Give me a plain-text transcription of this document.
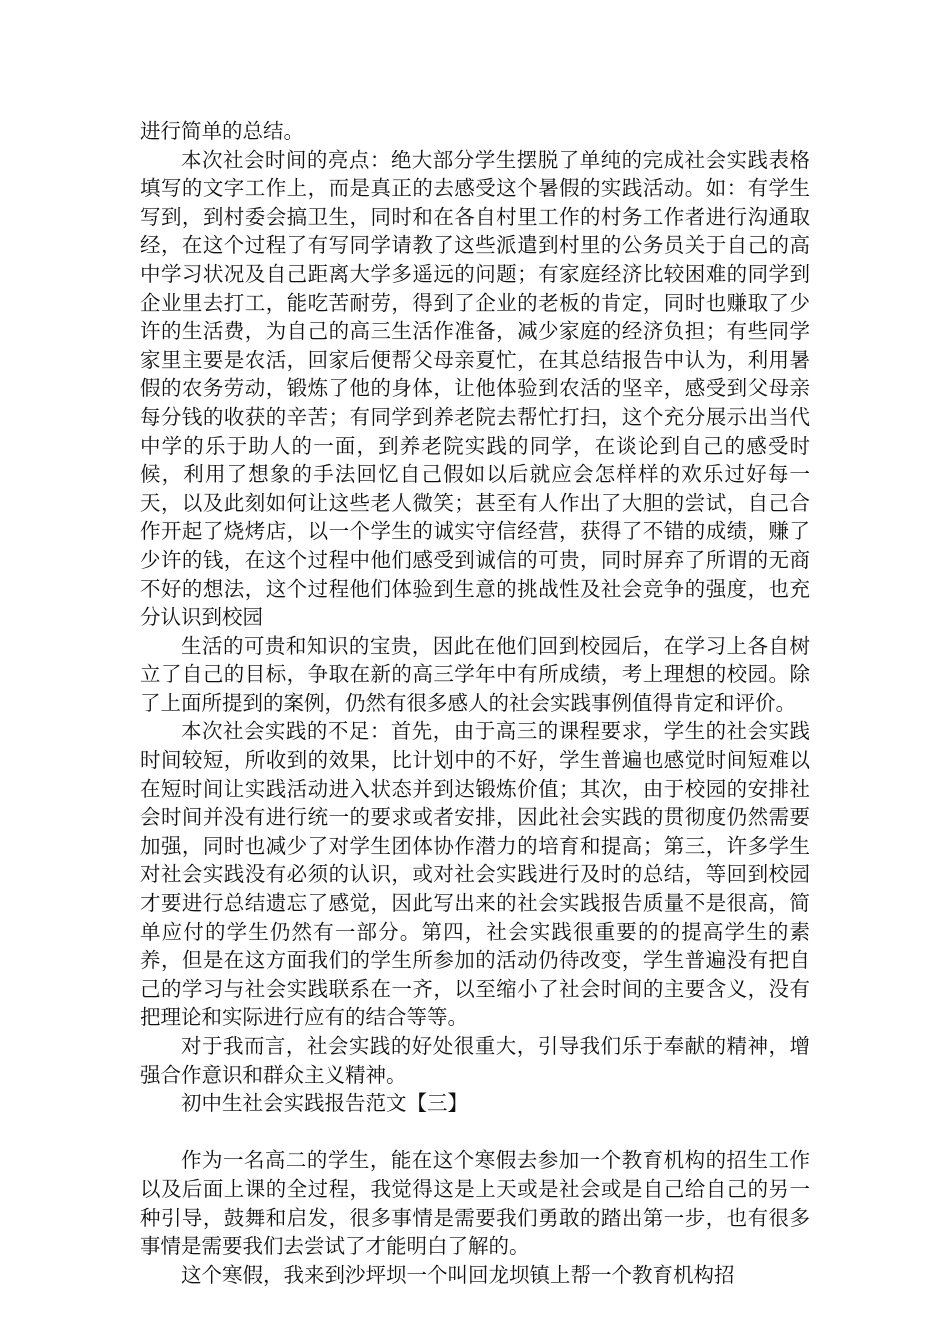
进行简单的总结。

本次社会时间的亮点：绝大部分学生摆脱了单纯的完成社会实践表格填写的文字工作上，而是真正的去感受这个暑假的实践活动。如：有学生写到，到村委会搞卫生，同时和在各自村里工作的村务工作者进行沟通取经，在这个过程了有写同学请教了这些派遣到村里的公务员关于自己的高中学习状况及自己距离大学多遥远的问题；有家庭经济比较困难的同学到企业里去打工，能吃苦耐劳，得到了企业的老板的肯定，同时也赚取了少许的生活费，为自己的高三生活作准备，减少家庭的经济负担；有些同学家里主要是农活，回家后便帮父母亲夏忙，在其总结报告中认为，利用暑假的农务劳动，锻炼了他的身体，让他体验到农活的坚辛，感受到父母亲每分钱的收获的辛苦；有同学到养老院去帮忙打扫，这个充分展示出当代中学的乐于助人的一面，到养老院实践的同学，在谈论到自己的感受时候，利用了想象的手法回忆自己假如以后就应会怎样样的欢乐过好每一天，以及此刻如何让这些老人微笑；甚至有人作出了大胆的尝试，自己合作开起了烧烤店，以一个学生的诚实守信经营，获得了不错的成绩，赚了少许的钱，在这个过程中他们感受到诚信的可贵，同时屏弃了所谓的无商不好的想法，这个过程他们体验到生意的挑战性及社会竞争的强度，也充分认识到校园

生活的可贵和知识的宝贵，因此在他们回到校园后，在学习上各自树立了自己的目标，争取在新的高三学年中有所成绩，考上理想的校园。除了上面所提到的案例，仍然有很多感人的社会实践事例值得肯定和评价。

本次社会实践的不足：首先，由于高三的课程要求，学生的社会实践时间较短，所收到的效果，比计划中的不好，学生普遍也感觉时间短难以在短时间让实践活动进入状态并到达锻炼价值；其次，由于校园的安排社会时间并没有进行统一的要求或者安排，因此社会实践的贯彻度仍然需要加强，同时也减少了对学生团体协作潜力的培育和提高；第三，许多学生对社会实践没有必须的认识，或对社会实践进行及时的总结，等回到校园才要进行总结遗忘了感觉，因此写出来的社会实践报告质量不是很高，简单应付的学生仍然有一部分。第四，社会实践很重要的的提高学生的素养，但是在这方面我们的学生所参加的活动仍待改变，学生普遍没有把自己的学习与社会实践联系在一齐，以至缩小了社会时间的主要含义，没有把理论和实际进行应有的结合等等。

对于我而言，社会实践的好处很重大，引导我们乐于奉献的精神，增强合作意识和群众主义精神。

初中生社会实践报告范文【三】

作为一名高二的学生，能在这个寒假去参加一个教育机构的招生工作以及后面上课的全过程，我觉得这是上天或是社会或是自己给自己的另一种引导，鼓舞和启发，很多事情是需要我们勇敢的踏出第一步，也有很多事情是需要我们去尝试了才能明白了解的。

这个寒假，我来到沙坪坝一个叫回龙坝镇上帮一个教育机构招
